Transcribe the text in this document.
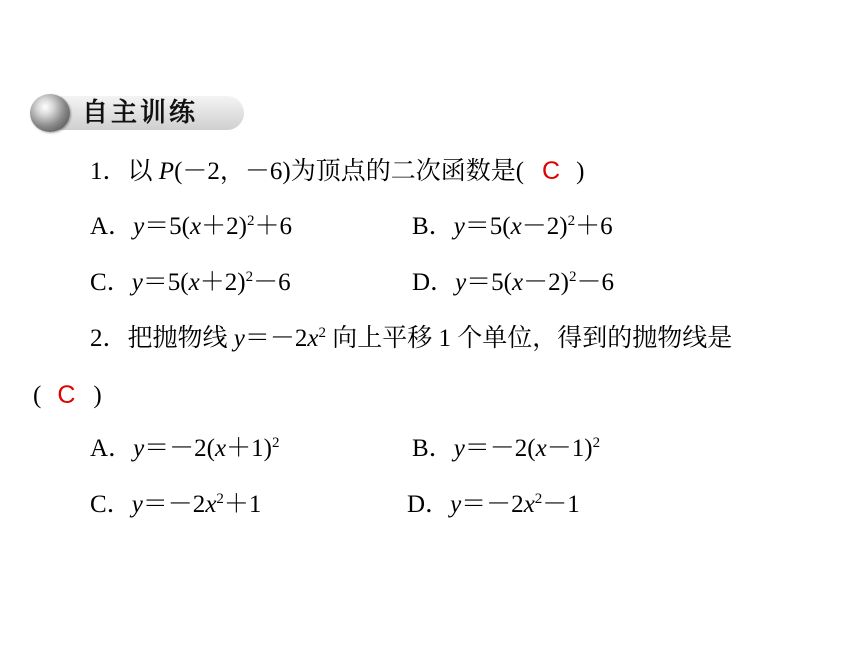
自主训练
1．以 P(－2，－6)为顶点的二次函数是( C )
A．$y=5(x+2)^2+6$	B．$y=5(x-2)^2+6$
C．$y=5(x+2)^2-6$	D．$y=5(x-2)^2-6$
2．把抛物线 $y=-2x^2$ 向上平移 1 个单位，得到的抛物线是
( C )
A．$y=-2(x+1)^2$	B．$y=-2(x-1)^2$
C．$y=-2x^2+1$	D．$y=-2x^2-1$
